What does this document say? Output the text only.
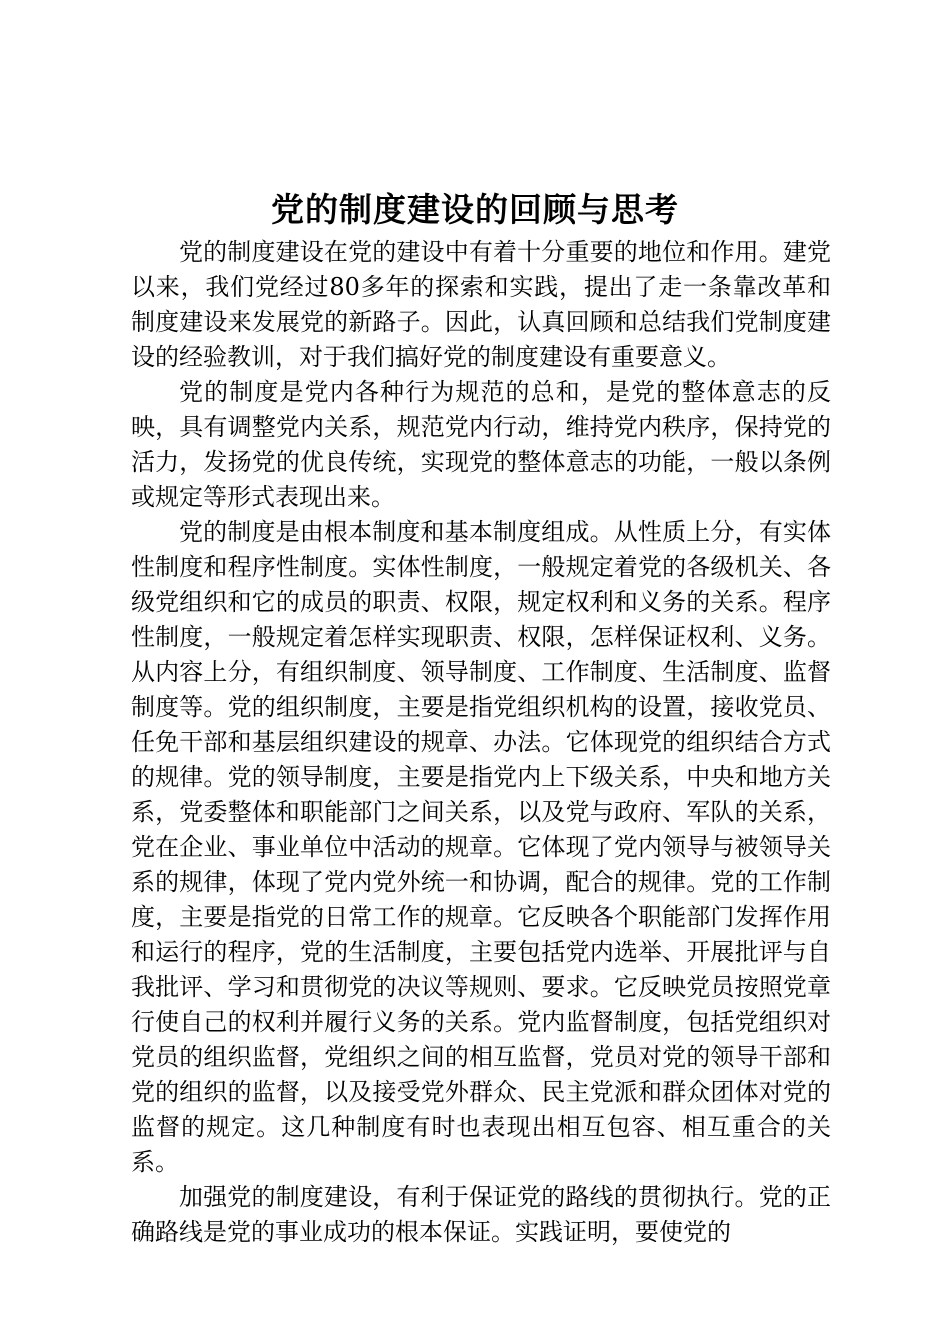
党的制度建设的回顾与思考

党的制度建设在党的建设中有着十分重要的地位和作用。建党以来，我们党经过80多年的探索和实践，提出了走一条靠改革和制度建设来发展党的新路子。因此，认真回顾和总结我们党制度建设的经验教训，对于我们搞好党的制度建设有重要意义。

党的制度是党内各种行为规范的总和，是党的整体意志的反映，具有调整党内关系，规范党内行动，维持党内秩序，保持党的活力，发扬党的优良传统，实现党的整体意志的功能，一般以条例或规定等形式表现出来。

党的制度是由根本制度和基本制度组成。从性质上分，有实体性制度和程序性制度。实体性制度，一般规定着党的各级机关、各级党组织和它的成员的职责、权限，规定权利和义务的关系。程序性制度，一般规定着怎样实现职责、权限，怎样保证权利、义务。从内容上分，有组织制度、领导制度、工作制度、生活制度、监督制度等。党的组织制度，主要是指党组织机构的设置，接收党员、任免干部和基层组织建设的规章、办法。它体现党的组织结合方式的规律。党的领导制度，主要是指党内上下级关系，中央和地方关系，党委整体和职能部门之间关系，以及党与政府、军队的关系，党在企业、事业单位中活动的规章。它体现了党内领导与被领导关系的规律，体现了党内党外统一和协调，配合的规律。党的工作制度，主要是指党的日常工作的规章。它反映各个职能部门发挥作用和运行的程序，党的生活制度，主要包括党内选举、开展批评与自我批评、学习和贯彻党的决议等规则、要求。它反映党员按照党章行使自己的权利并履行义务的关系。党内监督制度，包括党组织对党员的组织监督，党组织之间的相互监督，党员对党的领导干部和党的组织的监督，以及接受党外群众、民主党派和群众团体对党的监督的规定。这几种制度有时也表现出相互包容、相互重合的关系。

加强党的制度建设，有利于保证党的路线的贯彻执行。党的正确路线是党的事业成功的根本保证。实践证明，要使党的
